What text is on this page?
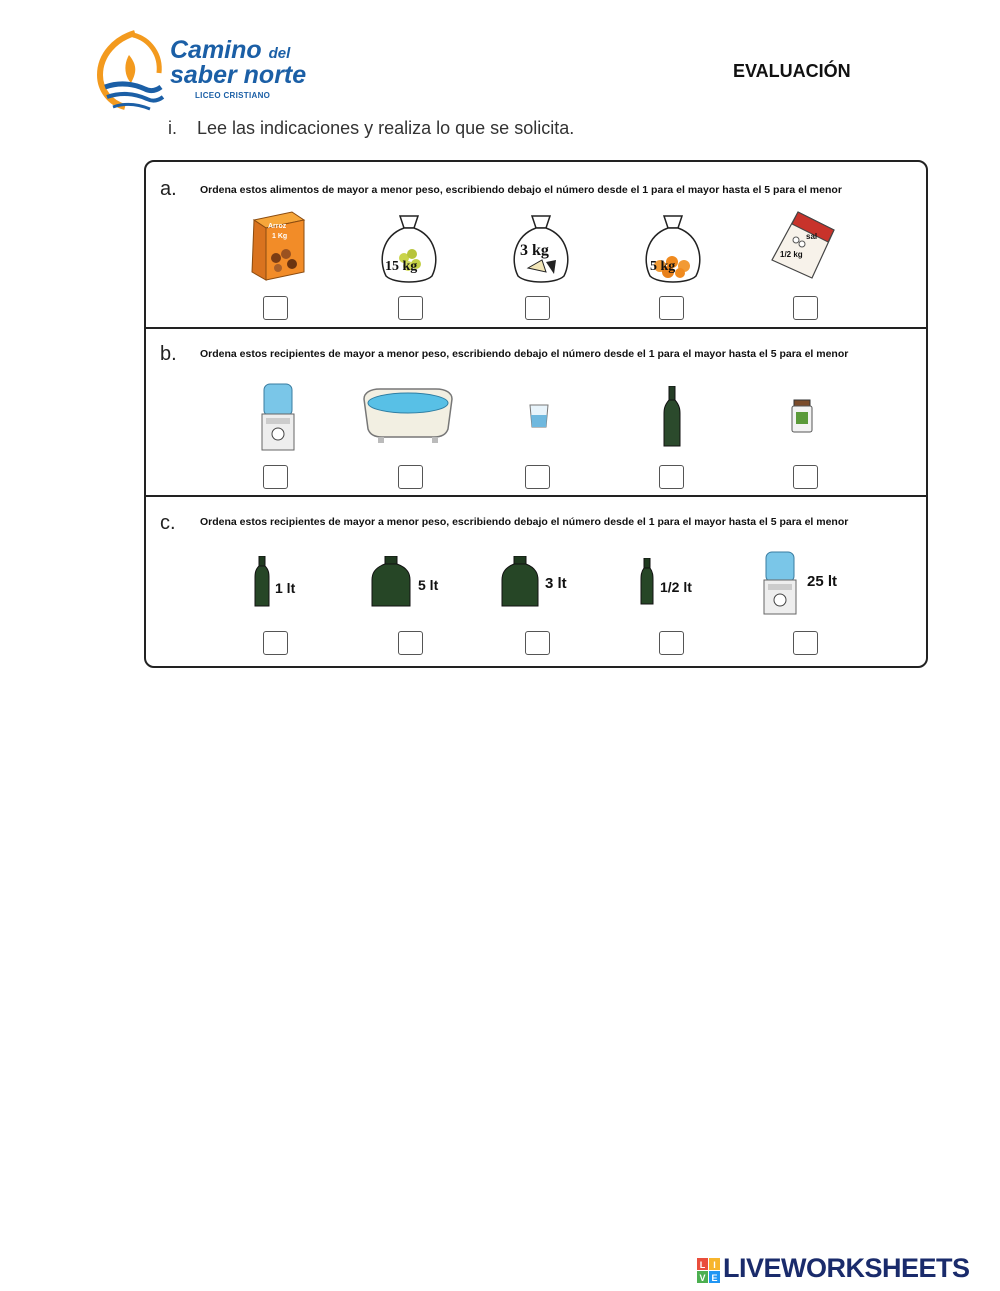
Camino del
saber norte
LICEO CRISTIANO
EVALUACIÓN
i. Lee las indicaciones y realiza lo que se solicita.
a. Ordena estos alimentos de mayor a menor peso, escribiendo debajo el número desde el 1 para el mayor hasta el 5 para el menor
Arroz
1 Kg
15 kg
3 kg
5 kg
sal
1/2 kg
b. Ordena estos recipientes de mayor a menor peso, escribiendo debajo el número desde el 1 para el mayor hasta el 5 para el menor
c. Ordena estos recipientes de mayor a menor peso, escribiendo debajo el número desde el 1 para el mayor hasta el 5 para el menor
1 lt	5 lt	3 lt	1/2 lt	25 lt
L I
V E LIVEWORKSHEETS
